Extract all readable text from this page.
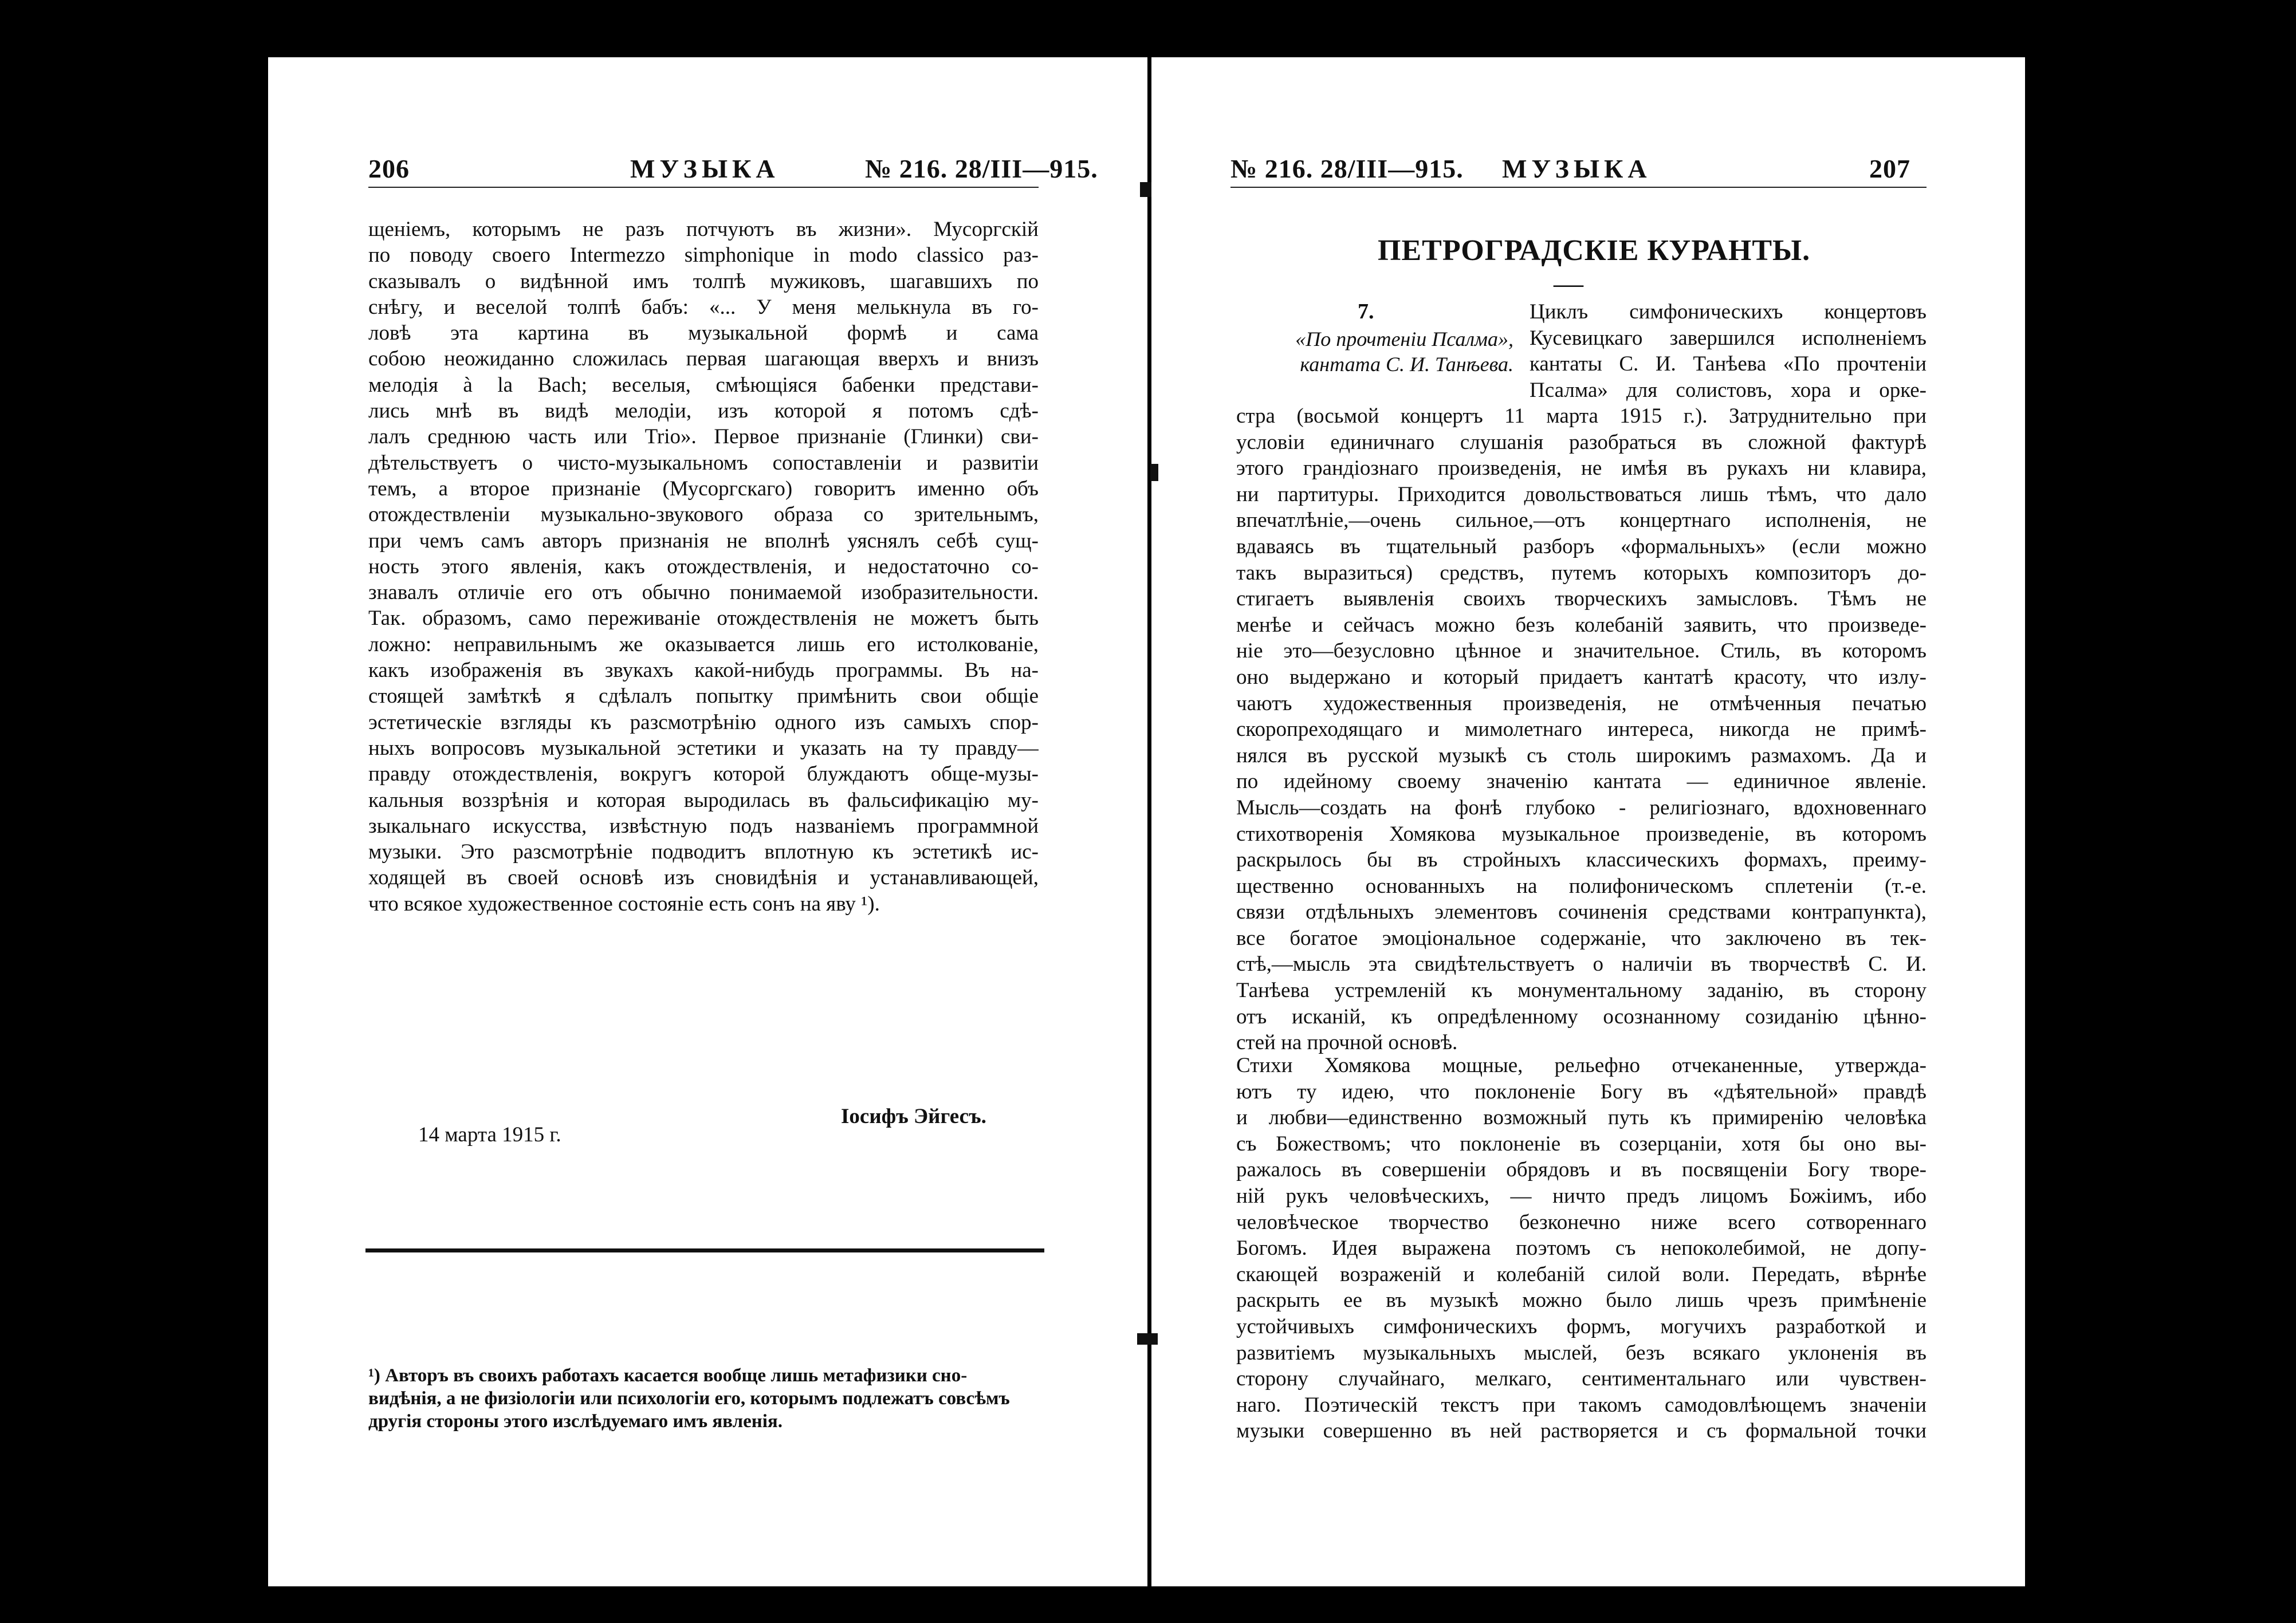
206	МУЗЫКА	№ 216. 28/III—915.
щеніемъ, которымъ не разъ потчуютъ въ жизни». Мусоргскій
по поводу своего Intermezzo simphonique in modo classico раз-
сказывалъ о видѣнной имъ толпѣ мужиковъ, шагавшихъ по
снѣгу, и веселой толпѣ бабъ: «... У меня мелькнула въ го-
ловѣ эта картина въ музыкальной формѣ и сама
собою неожиданно сложилась первая шагающая вверхъ и внизъ
мелодія à la Bach; веселыя, смѣющіяся бабенки представи-
лись мнѣ въ видѣ мелодіи, изъ которой я потомъ сдѣ-
лалъ среднюю часть или Trio». Первое признаніе (Глинки) сви-
дѣтельствуетъ о чисто-музыкальномъ сопоставленіи и развитіи
темъ, а второе признаніе (Мусоргскаго) говоритъ именно объ
отождествленіи музыкально-звукового образа со зрительнымъ,
при чемъ самъ авторъ признанія не вполнѣ уяснялъ себѣ сущ-
ность этого явленія, какъ отождествленія, и недостаточно со-
знавалъ отличіе его отъ обычно понимаемой изобразительности.
Так. образомъ, само переживаніе отождествленія не можетъ быть
ложно: неправильнымъ же оказывается лишь его истолкованіе,
какъ изображенія въ звукахъ какой-нибудь программы. Въ на-
стоящей замѣткѣ я сдѣлалъ попытку примѣнить свои общіе
эстетическіе взгляды къ разсмотрѣнію одного изъ самыхъ спор-
ныхъ вопросовъ музыкальной эстетики и указать на ту правду—
правду отождествленія, вокругъ которой блуждаютъ обще-музы-
кальныя воззрѣнія и которая выродилась въ фальсификацію му-
зыкальнаго искусства, извѣстную подъ названіемъ программной
музыки. Это разсмотрѣніе подводитъ вплотную къ эстетикѣ ис-
ходящей въ своей основѣ изъ сновидѣнія и устанавливающей,
что всякое художественное состояніе есть сонъ на яву ¹).
Іосифъ Эйгесъ.
14 марта 1915 г.
¹) Авторъ въ своихъ работахъ касается вообще лишь метафизики сно-
видѣнія, а не физіологіи или психологіи его, которымъ подлежатъ совсѣмъ
другія стороны этого изслѣдуемаго имъ явленія.
№ 216. 28/III—915. МУЗЫКА	207
ПЕТРОГРАДСКІЕ КУРАНТЫ.
—
7.
«По прочтеніи Псалма»,
кантата С. И. Танѣева.
Циклъ симфоническихъ концертовъ
Кусевицкаго завершился исполненіемъ
кантаты С. И. Танѣева «По прочтеніи
Псалма» для солистовъ, хора и орке-
стра (восьмой концертъ 11 марта 1915 г.). Затруднительно при
условіи единичнаго слушанія разобраться въ сложной фактурѣ
этого грандіознаго произведенія, не имѣя въ рукахъ ни клавира,
ни партитуры. Приходится довольствоваться лишь тѣмъ, что дало
впечатлѣніе,—очень сильное,—отъ концертнаго исполненія, не
вдаваясь въ тщательный разборъ «формальныхъ» (если можно
такъ выразиться) средствъ, путемъ которыхъ композиторъ до-
стигаетъ выявленія своихъ творческихъ замысловъ. Тѣмъ не
менѣе и сейчасъ можно безъ колебаній заявить, что произведе-
ніе это—безусловно цѣнное и значительное. Стиль, въ которомъ
оно выдержано и который придаетъ кантатѣ красоту, что излу-
чаютъ художественныя произведенія, не отмѣченныя печатью
скоропреходящаго и мимолетнаго интереса, никогда не примѣ-
нялся въ русской музыкѣ съ столь широкимъ размахомъ. Да и
по идейному своему значенію кантата — единичное явленіе.
Мысль—создать на фонѣ глубоко - религіознаго, вдохновеннаго
стихотворенія Хомякова музыкальное произведеніе, въ которомъ
раскрылось бы въ стройныхъ классическихъ формахъ, преиму-
щественно основанныхъ на полифоническомъ сплетеніи (т.-е.
связи отдѣльныхъ элементовъ сочиненія средствами контрапункта),
все богатое эмоціональное содержаніе, что заключено въ тек-
стѣ,—мысль эта свидѣтельствуетъ о наличіи въ творчествѣ С. И.
Танѣева устремленій къ монументальному заданію, въ сторону
отъ исканій, къ опредѣленному осознанному созиданію цѣнно-
стей на прочной основѣ.
Стихи Хомякова мощные, рельефно отчеканенные, утвержда-
ютъ ту идею, что поклоненіе Богу въ «дѣятельной» правдѣ
и любви—единственно возможный путь къ примиренію человѣка
съ Божествомъ; что поклоненіе въ созерцаніи, хотя бы оно вы-
ражалось въ совершеніи обрядовъ и въ посвященіи Богу творе-
ній рукъ человѣческихъ, — ничто предъ лицомъ Божіимъ, ибо
человѣческое творчество безконечно ниже всего сотвореннаго
Богомъ. Идея выражена поэтомъ съ непоколебимой, не допу-
скающей возраженій и колебаній силой воли. Передать, вѣрнѣе
раскрыть ее въ музыкѣ можно было лишь чрезъ примѣненіе
устойчивыхъ симфоническихъ формъ, могучихъ разработкой и
развитіемъ музыкальныхъ мыслей, безъ всякаго уклоненія въ
сторону случайнаго, мелкаго, сентиментальнаго или чувствен-
наго. Поэтическій текстъ при такомъ самодовлѣющемъ значеніи
музыки совершенно въ ней растворяется и съ формальной точки
